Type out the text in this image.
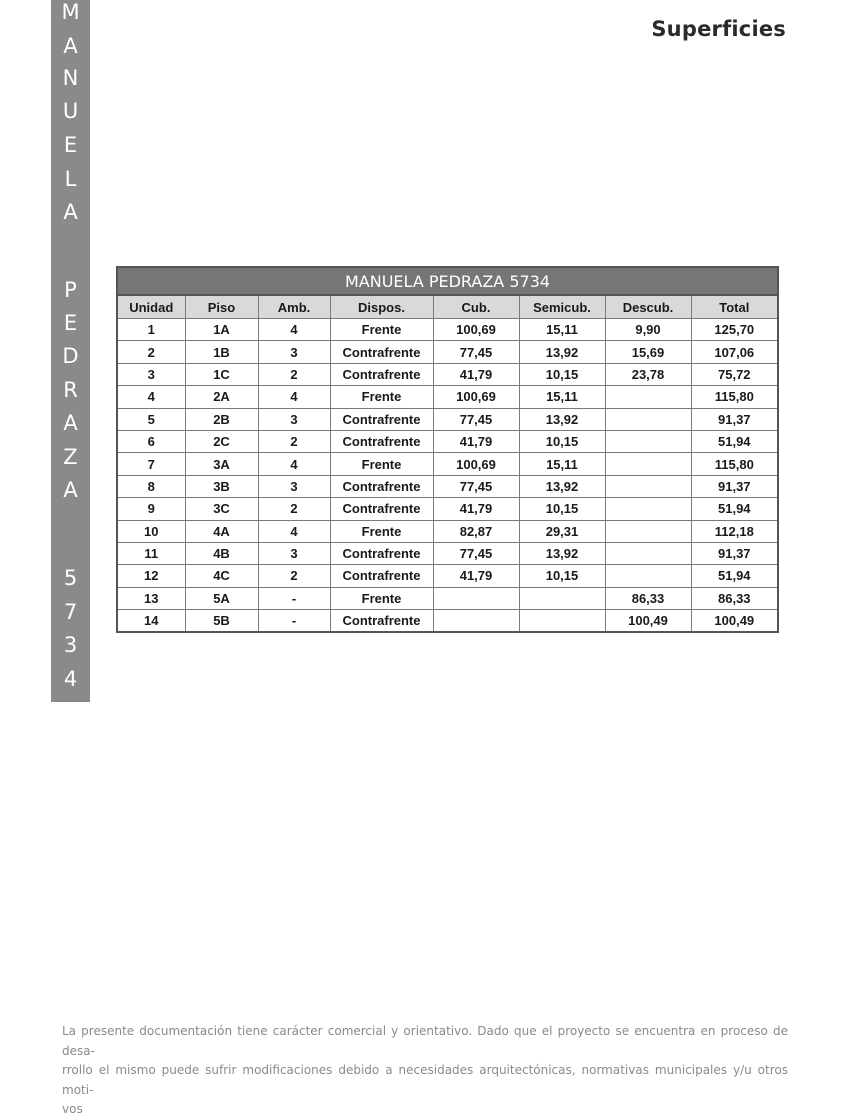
M
A
N
U
E
L
A
P
E
D
R
A
Z
A
5
7
3
4
Superficies
MANUELA PEDRAZA 5734							
Unidad	Piso	Amb.	Dispos.	Cub.	Semicub.	Descub.	Total
1	1A	4	Frente	100,69	15,11	9,90	125,70
2	1B	3	Contrafrente	77,45	13,92	15,69	107,06
3	1C	2	Contrafrente	41,79	10,15	23,78	75,72
4	2A	4	Frente	100,69	15,11		115,80
5	2B	3	Contrafrente	77,45	13,92		91,37
6	2C	2	Contrafrente	41,79	10,15		51,94
7	3A	4	Frente	100,69	15,11		115,80
8	3B	3	Contrafrente	77,45	13,92		91,37
9	3C	2	Contrafrente	41,79	10,15		51,94
10	4A	4	Frente	82,87	29,31		112,18
11	4B	3	Contrafrente	77,45	13,92		91,37
12	4C	2	Contrafrente	41,79	10,15		51,94
13	5A	-	Frente			86,33	86,33
14	5B	-	Contrafrente			100,49	100,49
La presente documentación tiene carácter comercial y orientativo. Dado que el proyecto se encuentra en proceso de desa-
rrollo el mismo puede sufrir modificaciones debido a necesidades arquitectónicas, normativas municipales y/u otros moti-
vos
